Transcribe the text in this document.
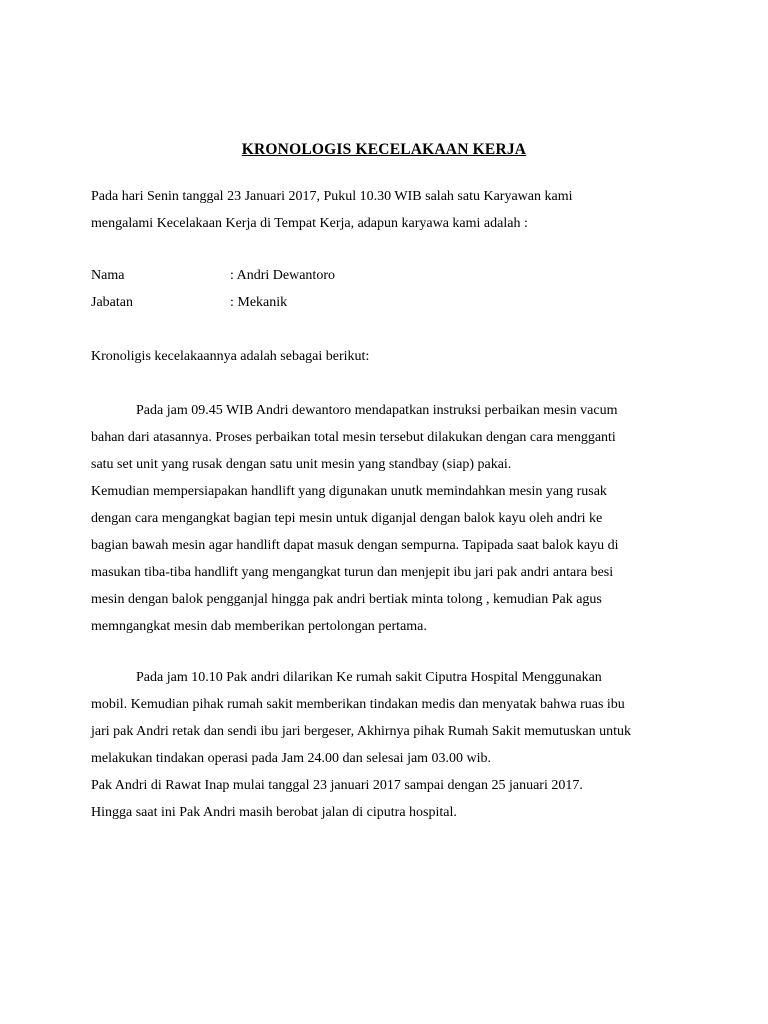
KRONOLOGIS KECELAKAAN KERJA
Pada hari Senin tanggal 23 Januari 2017, Pukul 10.30 WIB salah satu Karyawan kami
mengalami Kecelakaan Kerja di Tempat Kerja, adapun karyawa kami adalah :
Nama	: Andri Dewantoro
Jabatan	: Mekanik
Kronoligis kecelakaannya adalah sebagai berikut:
Pada jam 09.45 WIB Andri dewantoro mendapatkan instruksi perbaikan mesin vacum
bahan dari atasannya. Proses perbaikan total mesin tersebut dilakukan dengan cara mengganti
satu set unit yang rusak dengan satu unit mesin yang standbay (siap) pakai.
Kemudian mempersiapakan handlift yang digunakan unutk memindahkan mesin yang rusak
dengan cara mengangkat bagian tepi mesin untuk diganjal dengan balok kayu oleh andri ke
bagian bawah mesin agar handlift dapat masuk dengan sempurna. Tapipada saat balok kayu di
masukan tiba-tiba handlift yang mengangkat turun dan menjepit ibu jari pak andri antara besi
mesin dengan balok pengganjal hingga pak andri bertiak minta tolong , kemudian Pak agus
memngangkat mesin dab memberikan pertolongan pertama.
Pada jam 10.10 Pak andri dilarikan Ke rumah sakit Ciputra Hospital Menggunakan
mobil. Kemudian pihak rumah sakit memberikan tindakan medis dan menyatak bahwa ruas ibu
jari pak Andri retak dan sendi ibu jari bergeser, Akhirnya pihak Rumah Sakit memutuskan untuk
melakukan tindakan operasi pada Jam 24.00 dan selesai jam 03.00 wib.
Pak Andri di Rawat Inap mulai tanggal 23 januari 2017 sampai dengan 25 januari 2017.
Hingga saat ini Pak Andri masih berobat jalan di ciputra hospital.
